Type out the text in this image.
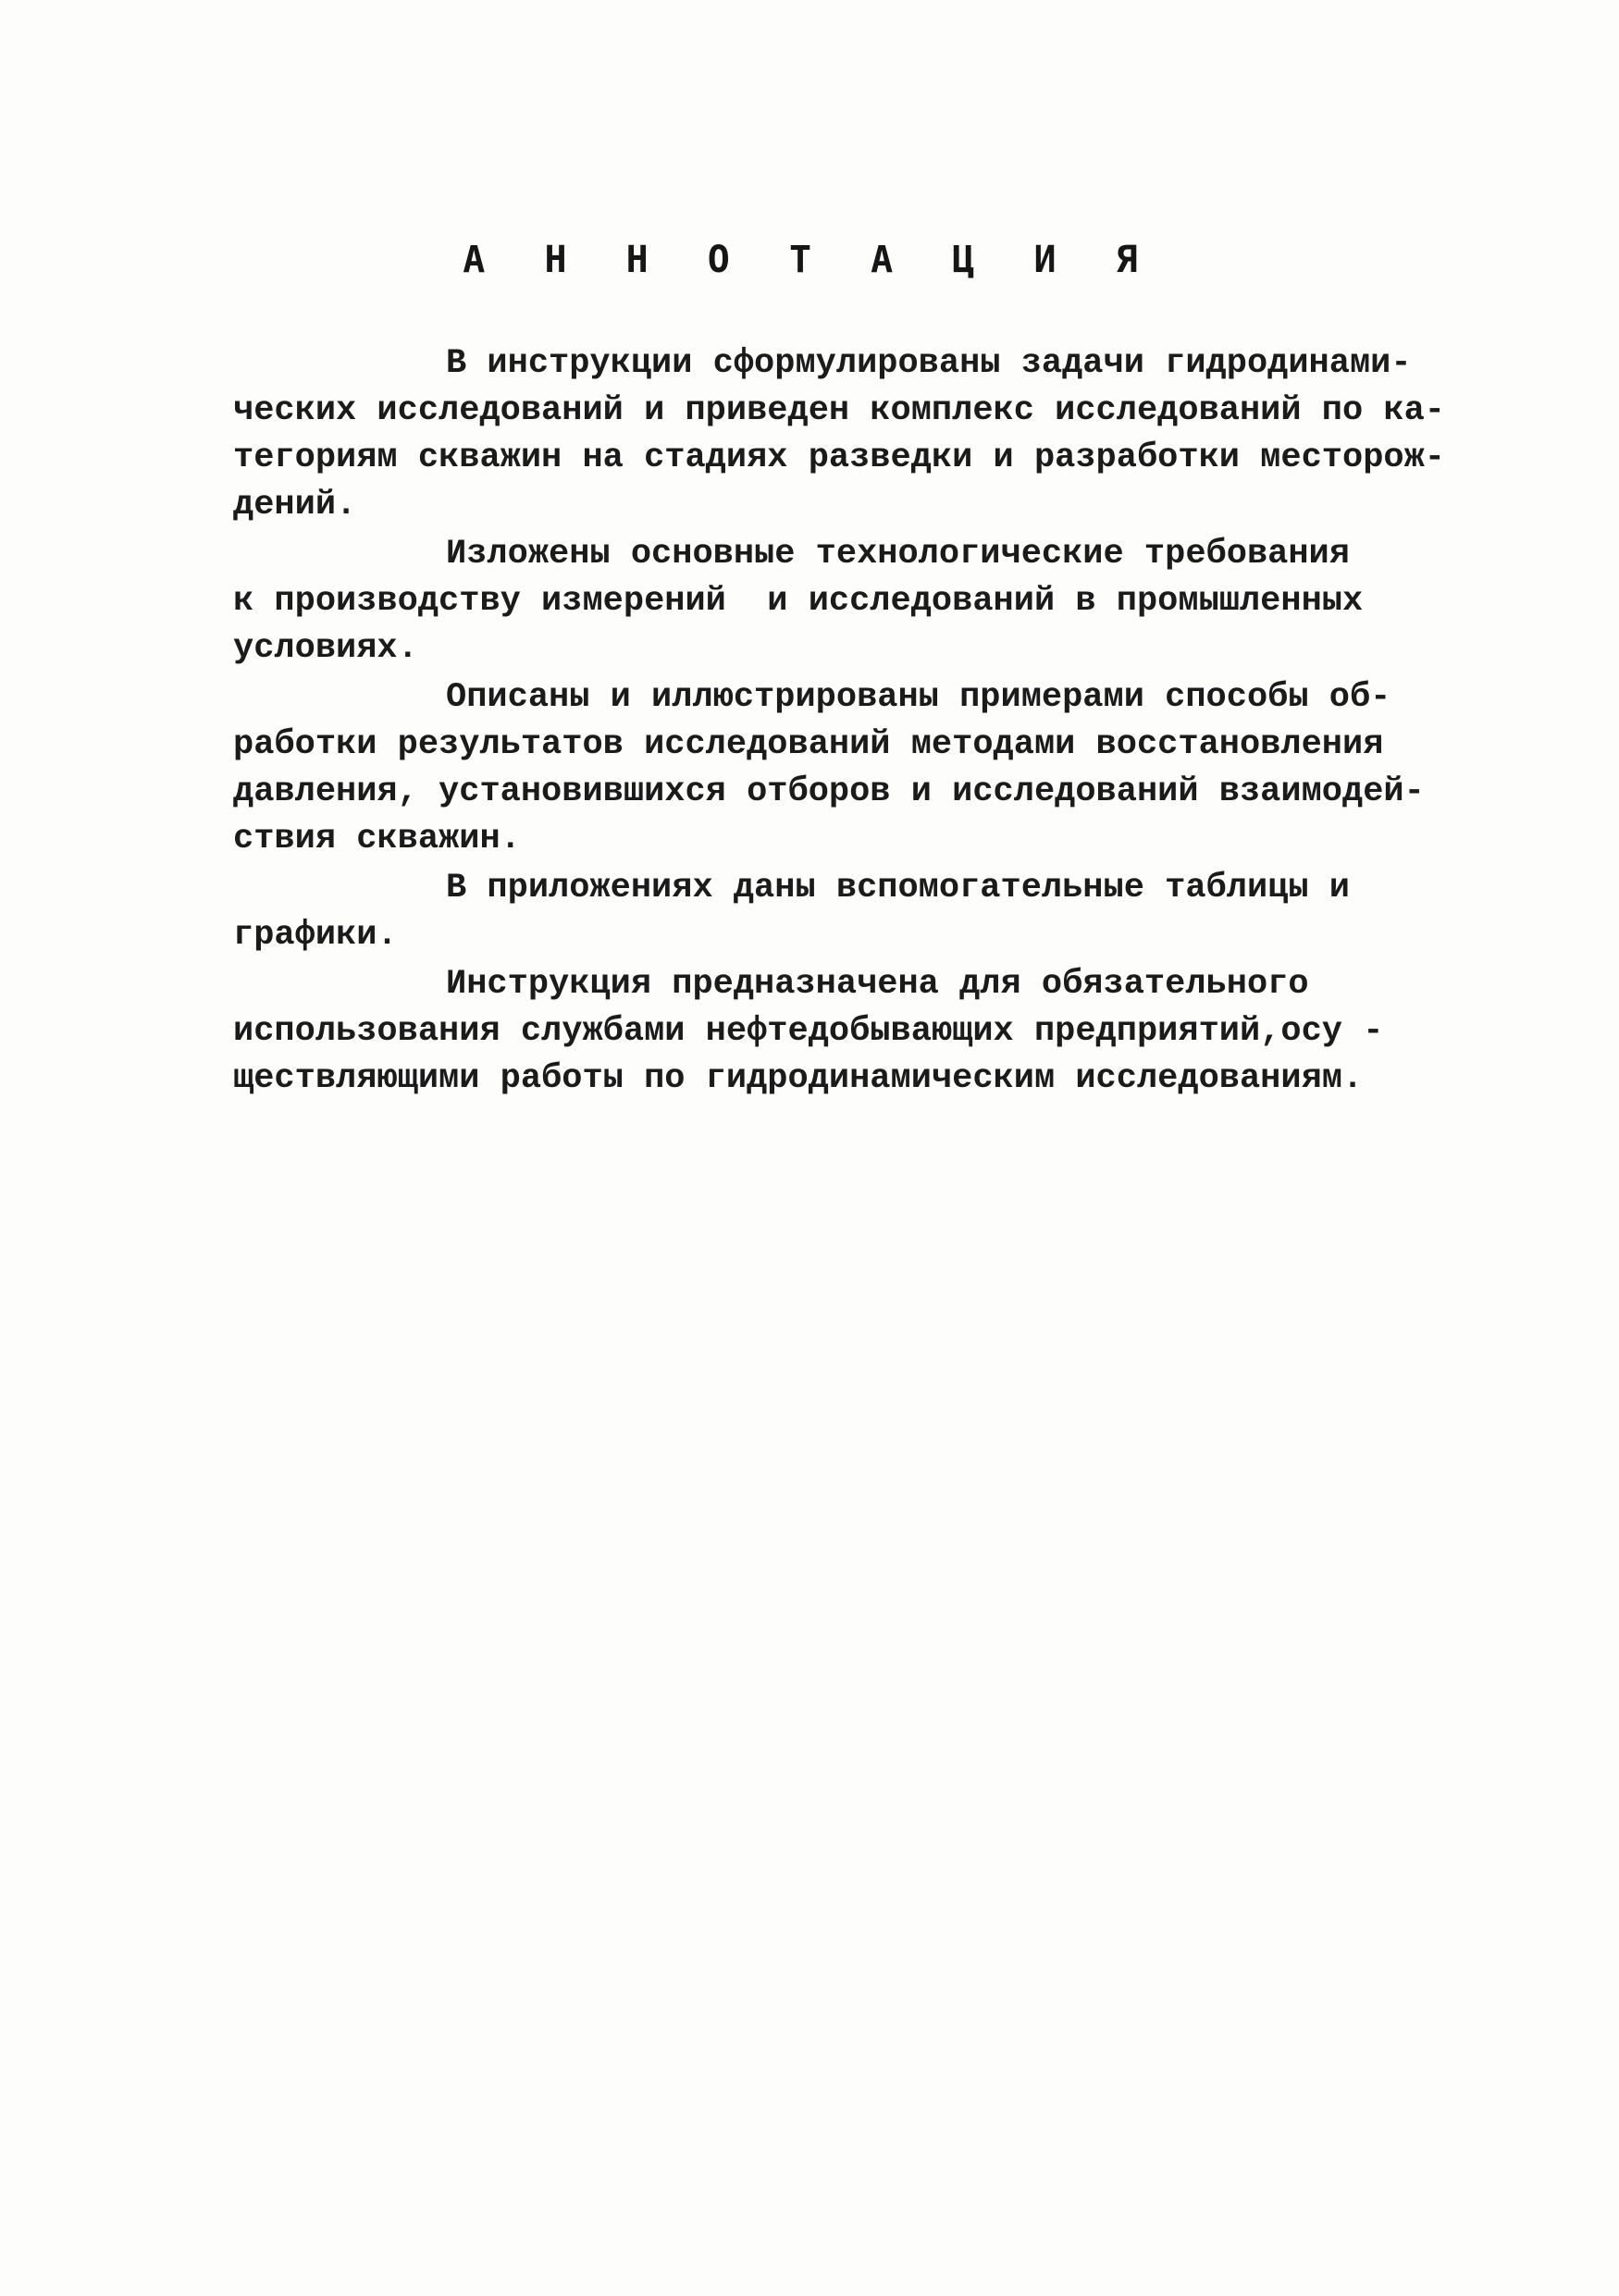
А Н Н О Т А Ц И Я
В инструкции сформулированы задачи гидродинами-
ческих исследований и приведен комплекс исследований по ка-
тегориям скважин на стадиях разведки и разработки месторож-
дений.
Изложены основные технологические требования
к производству измерений  и исследований в промышленных
условиях.
Описаны и иллюстрированы примерами способы об-
работки результатов исследований методами восстановления
давления, установившихся отборов и исследований взаимодей-
ствия скважин.
В приложениях даны вспомогательные таблицы и
графики.
Инструкция предназначена для обязательного
использования службами нефтедобывающих предприятий,осу -
ществляющими работы по гидродинамическим исследованиям.
